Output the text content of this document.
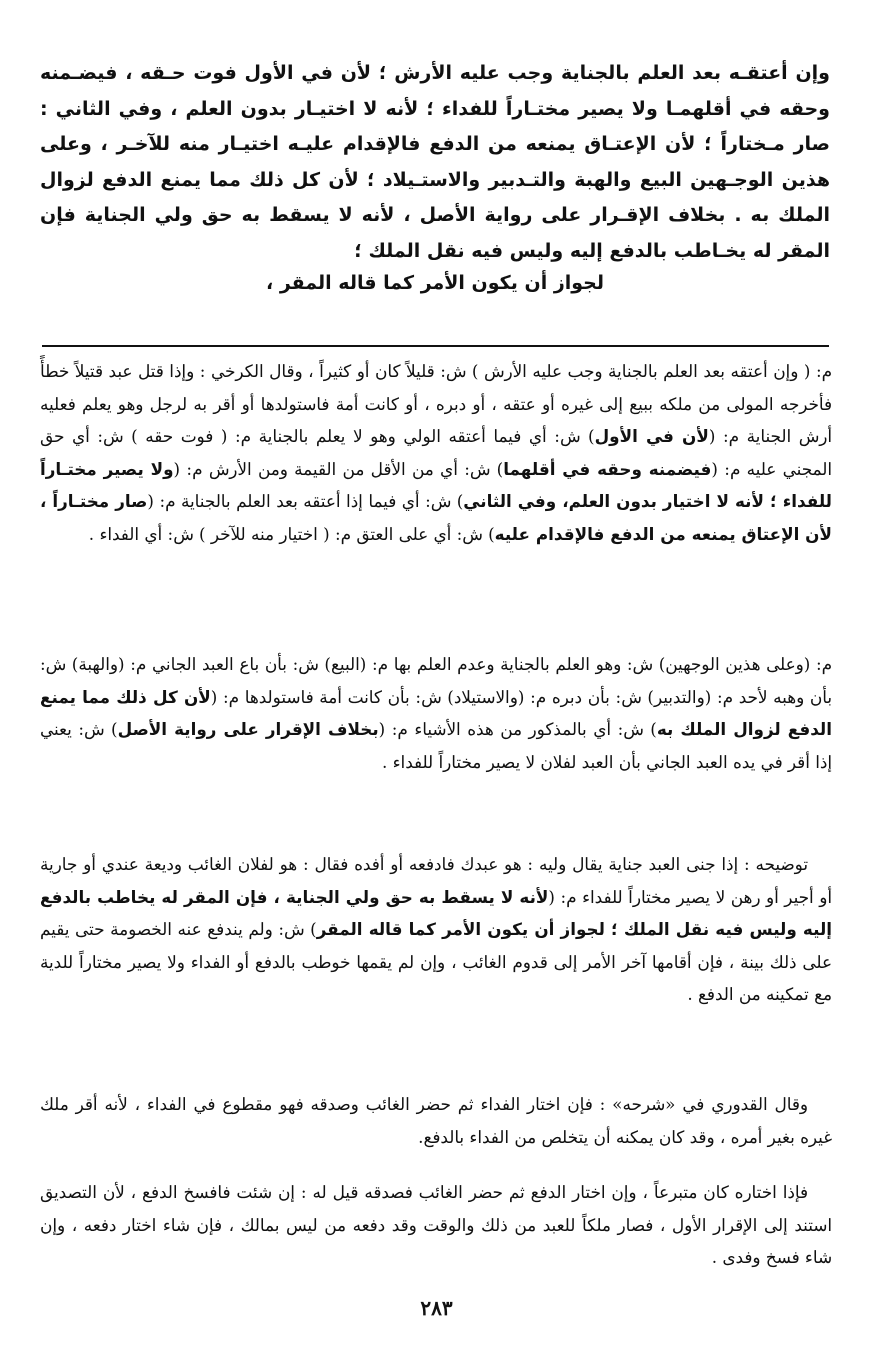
وإن أعتقـه بعد العلم بالجناية وجب عليه الأرش ؛ لأن في الأول فوت حـقه ، فيضـمنه وحقه في أقلهمـا ولا يصير مختـاراً للفداء ؛ لأنه لا اختيـار بدون العلم ، وفي الثاني : صار مـختاراً ؛ لأن الإعتـاق يمنعه من الدفع فالإقدام عليـه اختيـار منه للآخـر ، وعلى هذين الوجـهين البيع والهبة والتـدبير والاستـيلاد ؛ لأن كل ذلك مما يمنع الدفع لزوال الملك به . بخلاف الإقـرار على رواية الأصل ، لأنه لا يسقط به حق ولي الجناية فإن المقر له يخـاطب بالدفع إليه وليس فيه نقل الملك ؛

لجواز أن يكون الأمر كما قاله المقر ،

م: ( وإن أعتقه بعد العلم بالجناية وجب عليه الأرش ) ش: قليلاً كان أو كثيراً ، وقال الكرخي : وإذا قتل عبد قتيلاً خطأً فأخرجه المولى من ملكه ببيع إلى غيره أو عتقه ، أو دبره ، أو كانت أمة فاستولدها أو أقر به لرجل وهو يعلم فعليه أرش الجناية م: (لأن في الأول) ش: أي فيما أعتقه الولي وهو لا يعلم بالجناية م: ( فوت حقه ) ش: أي حق المجني عليه م: (فيضمنه وحقه في أقلهما) ش: أي من الأقل من القيمة ومن الأرش م: (ولا يصير مختـاراً للفداء ؛ لأنه لا اختيار بدون العلم، وفي الثاني) ش: أي فيما إذا أعتقه بعد العلم بالجناية م: (صار مختـاراً ، لأن الإعتاق يمنعه من الدفع فالإقدام عليه) ش: أي على العتق م: ( اختيار منه للآخر ) ش: أي الفداء .

م: (وعلى هذين الوجهين) ش: وهو العلم بالجناية وعدم العلم بها م: (البيع) ش: بأن باع العبد الجاني م: (والهبة) ش: بأن وهبه لأحد م: (والتدبير) ش: بأن دبره م: (والاستيلاد) ش: بأن كانت أمة فاستولدها م: (لأن كل ذلك مما يمنع الدفع لزوال الملك به) ش: أي بالمذكور من هذه الأشياء م: (بخلاف الإقرار على رواية الأصل) ش: يعني إذا أقر في يده العبد الجاني بأن العبد لفلان لا يصير مختاراً للفداء .

توضيحه : إذا جنى العبد جناية يقال وليه : هو عبدك فادفعه أو أفده فقال : هو لفلان الغائب وديعة عندي أو جارية أو أجير أو رهن لا يصير مختاراً للفداء م: (لأنه لا يسقط به حق ولي الجناية ، فإن المقر له يخاطب بالدفع إليه وليس فيه نقل الملك ؛ لجواز أن يكون الأمر كما قاله المقر) ش: ولم يندفع عنه الخصومة حتى يقيم على ذلك بينة ، فإن أقامها آخر الأمر إلى قدوم الغائب ، وإن لم يقمها خوطب بالدفع أو الفداء ولا يصير مختاراً للدية مع تمكينه من الدفع .

وقال القدوري في «شرحه» : فإن اختار الفداء ثم حضر الغائب وصدقه فهو مقطوع في الفداء ، لأنه أقر ملك غيره بغير أمره ، وقد كان يمكنه أن يتخلص من الفداء بالدفع.

فإذا اختاره كان متبرعاً ، وإن اختار الدفع ثم حضر الغائب فصدقه قيل له : إن شئت فافسخ الدفع ، لأن التصديق استند إلى الإقرار الأول ، فصار ملكاً للعبد من ذلك والوقت وقد دفعه من ليس بمالك ، فإن شاء اختار دفعه ، وإن شاء فسخ وفدى .

٢٨٣
